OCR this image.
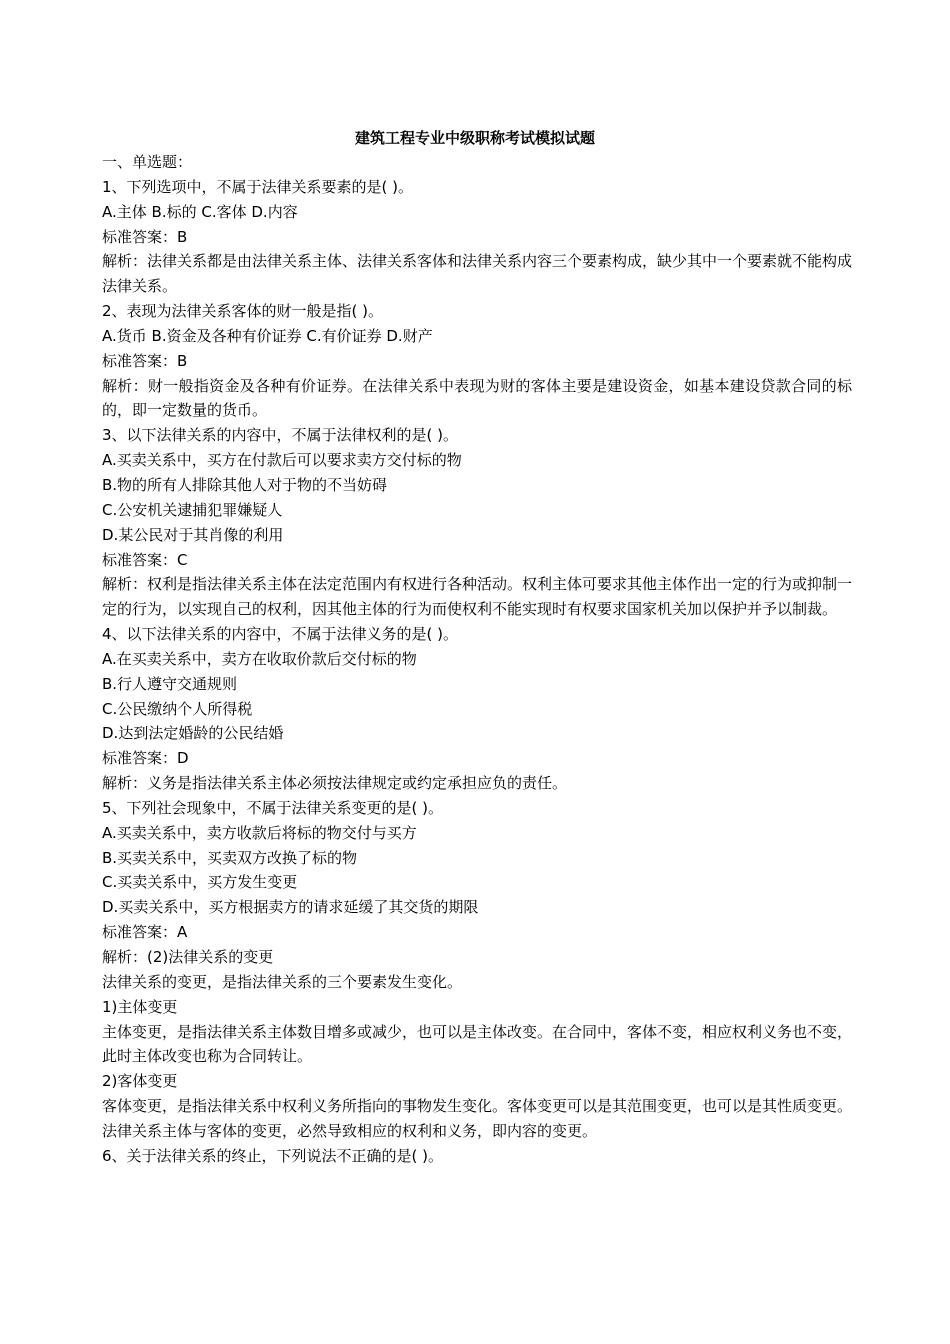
建筑工程专业中级职称考试模拟试题
一、单选题：
1、下列选项中，不属于法律关系要素的是( )。
A.主体 B.标的 C.客体 D.内容
标准答案：B
解析：法律关系都是由法律关系主体、法律关系客体和法律关系内容三个要素构成，缺少其中一个要素就不能构成法律关系。
2、表现为法律关系客体的财一般是指( )。
A.货币 B.资金及各种有价证券 C.有价证券 D.财产
标准答案：B
解析：财一般指资金及各种有价证券。在法律关系中表现为财的客体主要是建设资金，如基本建设贷款合同的标的，即一定数量的货币。
3、以下法律关系的内容中，不属于法律权利的是( )。
A.买卖关系中，买方在付款后可以要求卖方交付标的物
B.物的所有人排除其他人对于物的不当妨碍
C.公安机关逮捕犯罪嫌疑人
D.某公民对于其肖像的利用
标准答案：C
解析：权利是指法律关系主体在法定范围内有权进行各种活动。权利主体可要求其他主体作出一定的行为或抑制一定的行为，以实现自己的权利，因其他主体的行为而使权利不能实现时有权要求国家机关加以保护并予以制裁。
4、以下法律关系的内容中，不属于法律义务的是( )。
A.在买卖关系中，卖方在收取价款后交付标的物
B.行人遵守交通规则
C.公民缴纳个人所得税
D.达到法定婚龄的公民结婚
标准答案：D
解析：义务是指法律关系主体必须按法律规定或约定承担应负的责任。
5、下列社会现象中，不属于法律关系变更的是( )。
A.买卖关系中，卖方收款后将标的物交付与买方
B.买卖关系中，买卖双方改换了标的物
C.买卖关系中，买方发生变更
D.买卖关系中，买方根据卖方的请求延缓了其交货的期限
标准答案：A
解析：(2)法律关系的变更
法律关系的变更，是指法律关系的三个要素发生变化。
1)主体变更
主体变更，是指法律关系主体数目增多或减少，也可以是主体改变。在合同中，客体不变，相应权利义务也不变，此时主体改变也称为合同转让。
2)客体变更
客体变更，是指法律关系中权利义务所指向的事物发生变化。客体变更可以是其范围变更，也可以是其性质变更。
法律关系主体与客体的变更，必然导致相应的权利和义务，即内容的变更。
6、关于法律关系的终止，下列说法不正确的是( )。
